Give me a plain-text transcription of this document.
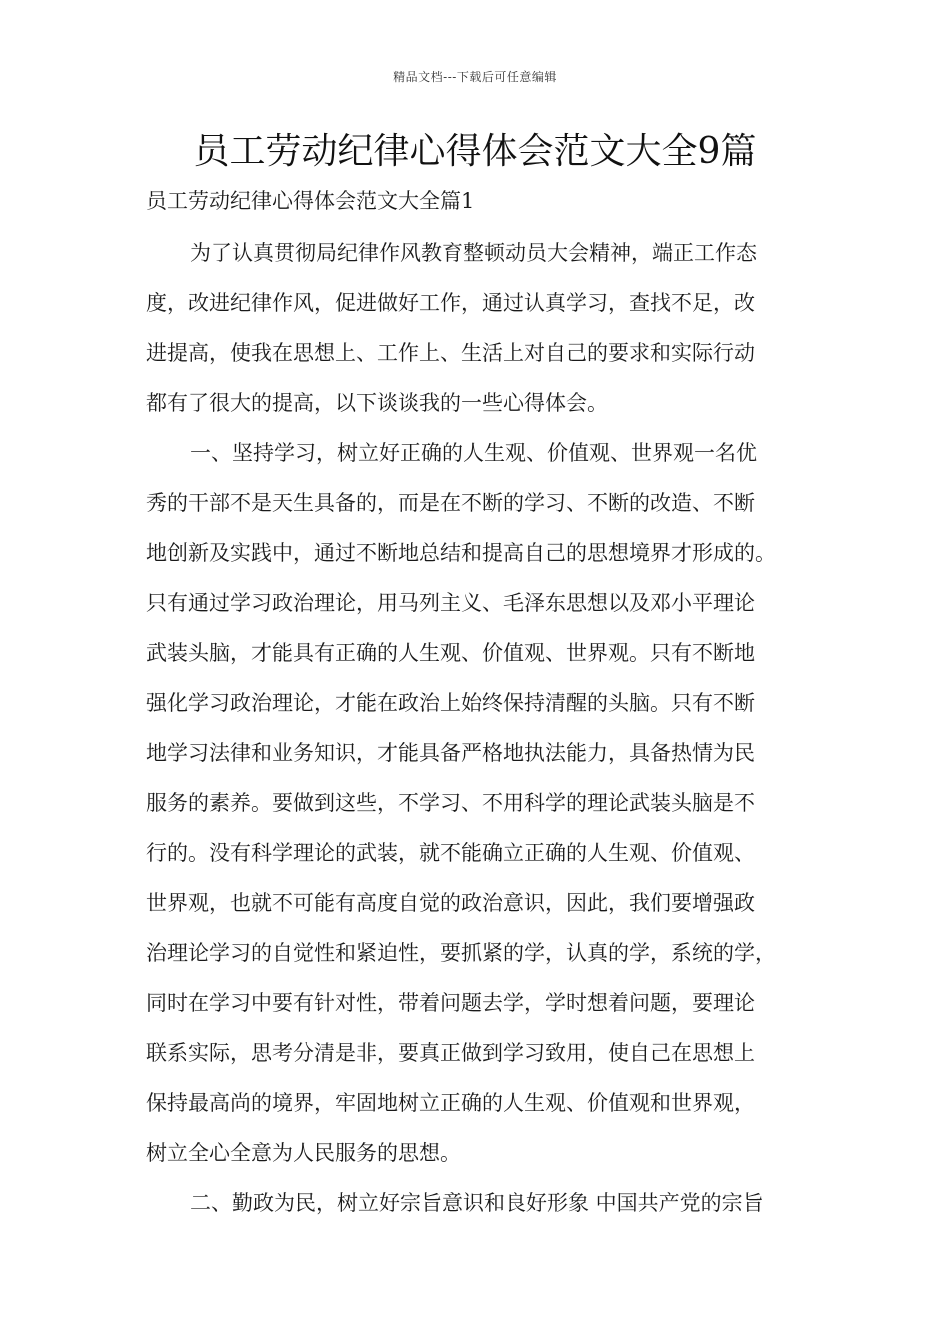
精品文档---下载后可任意编辑
员工劳动纪律心得体会范文大全9篇

员工劳动纪律心得体会范文大全篇1

为了认真贯彻局纪律作风教育整顿动员大会精神，端正工作态
度，改进纪律作风，促进做好工作，通过认真学习，查找不足，改
进提高，使我在思想上、工作上、生活上对自己的要求和实际行动
都有了很大的提高，以下谈谈我的一些心得体会。
一、坚持学习，树立好正确的人生观、价值观、世界观一名优
秀的干部不是天生具备的，而是在不断的学习、不断的改造、不断
地创新及实践中，通过不断地总结和提高自己的思想境界才形成的。
只有通过学习政治理论，用马列主义、毛泽东思想以及邓小平理论
武装头脑，才能具有正确的人生观、价值观、世界观。只有不断地
强化学习政治理论，才能在政治上始终保持清醒的头脑。只有不断
地学习法律和业务知识，才能具备严格地执法能力，具备热情为民
服务的素养。要做到这些，不学习、不用科学的理论武装头脑是不
行的。没有科学理论的武装，就不能确立正确的人生观、价值观、
世界观，也就不可能有高度自觉的政治意识，因此，我们要增强政
治理论学习的自觉性和紧迫性，要抓紧的学，认真的学，系统的学，
同时在学习中要有针对性，带着问题去学，学时想着问题，要理论
联系实际，思考分清是非，要真正做到学习致用，使自己在思想上
保持最高尚的境界，牢固地树立正确的人生观、价值观和世界观，
树立全心全意为人民服务的思想。
二、勤政为民，树立好宗旨意识和良好形象 中国共产党的宗旨
